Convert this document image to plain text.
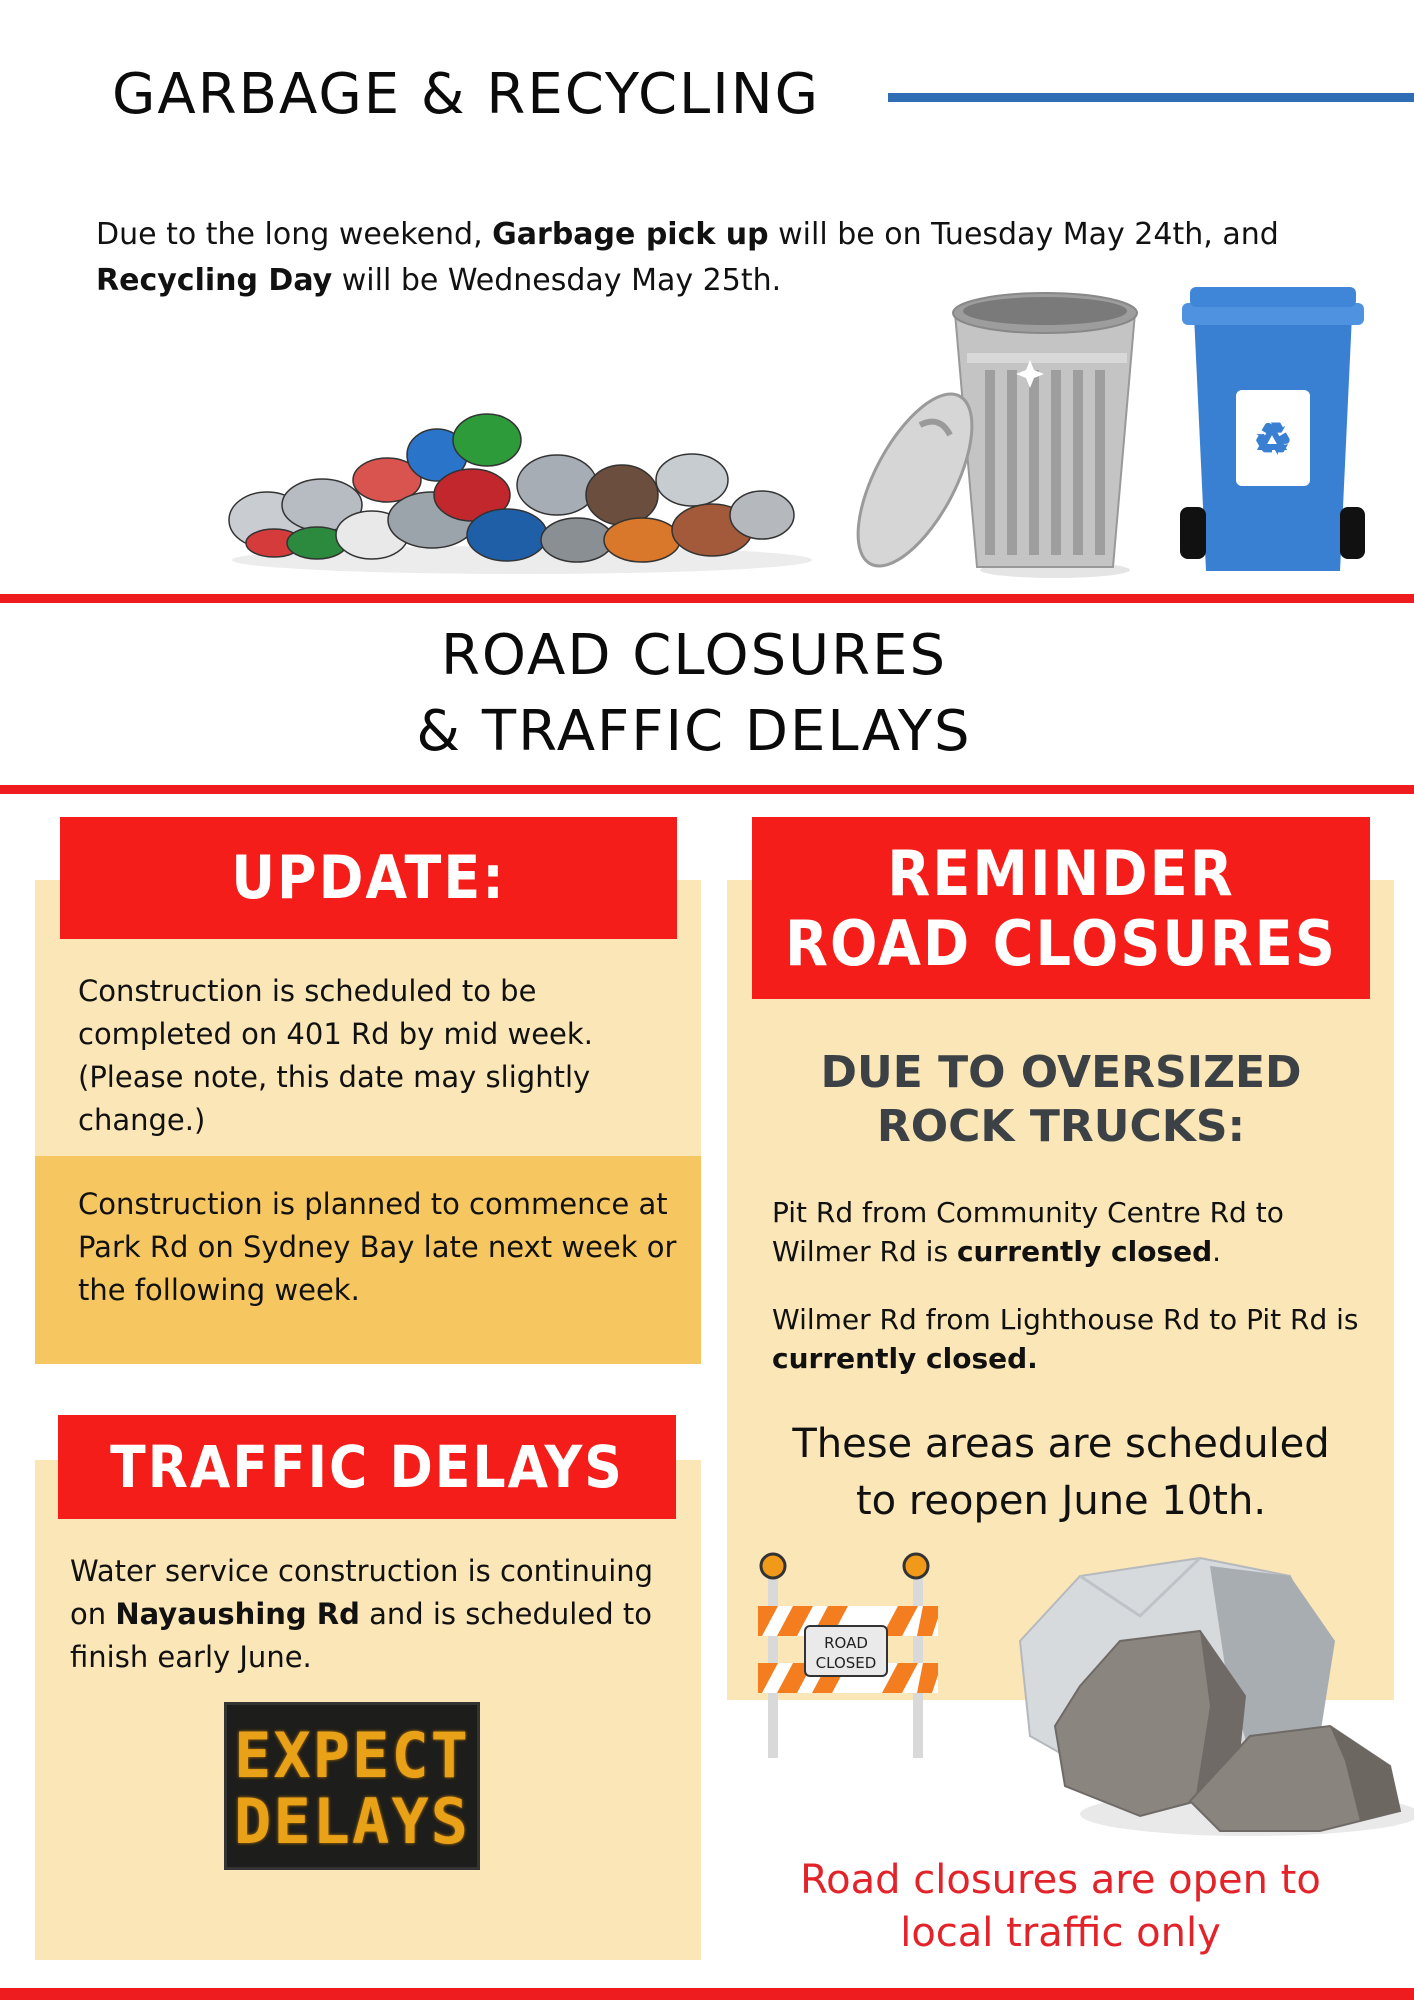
GARBAGE & RECYCLING
Due to the long weekend, Garbage pick up will be on Tuesday May 24th, and Recycling Day will be Wednesday May 25th.
♻
ROAD CLOSURES
& TRAFFIC DELAYS
UPDATE:
Construction is scheduled to be completed on 401 Rd by mid week. (Please note, this date may slightly change.)
Construction is planned to commence at Park Rd on Sydney Bay late next week or the following week.
TRAFFIC DELAYS
Water service construction is continuing on Nayaushing Rd and is scheduled to finish early June.
EXPECT
DELAYS
REMINDER
ROAD CLOSURES
DUE TO OVERSIZED
ROCK TRUCKS:
Pit Rd from Community Centre Rd to Wilmer Rd is currently closed.
Wilmer Rd from Lighthouse Rd to Pit Rd is currently closed.
These areas are scheduled
to reopen June 10th.
ROAD
CLOSED
Road closures are open to
local traffic only
